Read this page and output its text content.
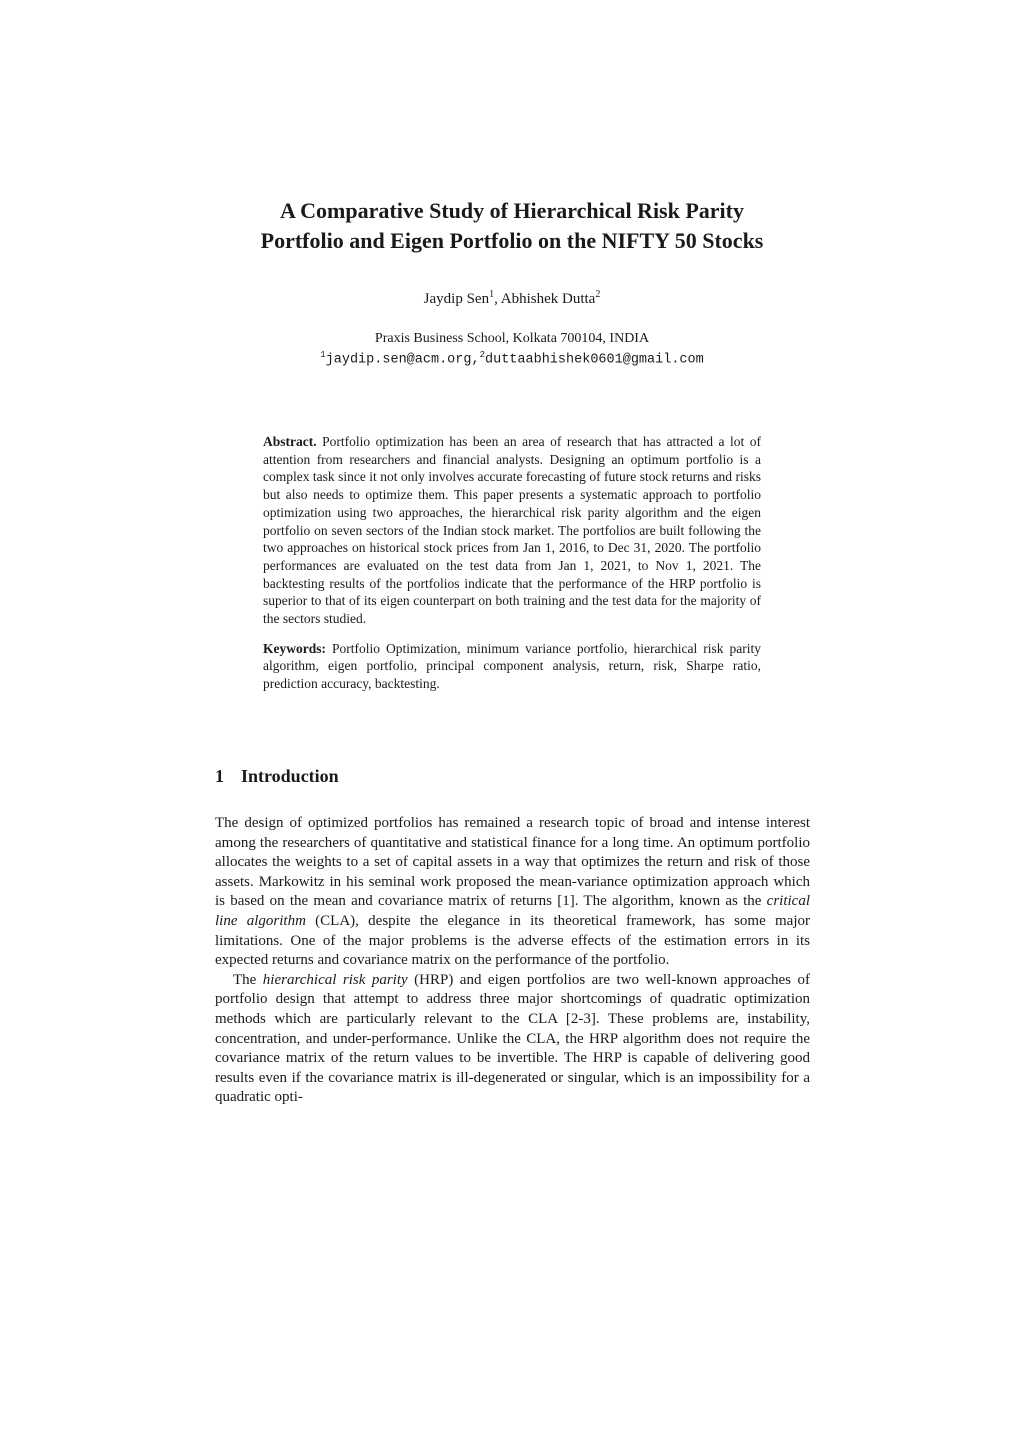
A Comparative Study of Hierarchical Risk Parity
Portfolio and Eigen Portfolio on the NIFTY 50 Stocks
Jaydip Sen$^1$, Abhishek Dutta$^2$
Praxis Business School, Kolkata 700104, INDIA
$^1$jaydip.sen@acm.org,$^2$duttaabhishek0601@gmail.com

Abstract. Portfolio optimization has been an area of research that has attracted a lot of attention from researchers and financial analysts. Designing an optimum portfolio is a complex task since it not only involves accurate forecasting of future stock returns and risks but also needs to optimize them. This paper presents a systematic approach to portfolio optimization using two approaches, the hierarchical risk parity algorithm and the eigen portfolio on seven sectors of the Indian stock market. The portfolios are built following the two approaches on historical stock prices from Jan 1, 2016, to Dec 31, 2020. The portfolio performances are evaluated on the test data from Jan 1, 2021, to Nov 1, 2021. The backtesting results of the portfolios indicate that the performance of the HRP portfolio is superior to that of its eigen counterpart on both training and the test data for the majority of the sectors studied.

Keywords: Portfolio Optimization, minimum variance portfolio, hierarchical risk parity algorithm, eigen portfolio, principal component analysis, return, risk, Sharpe ratio, prediction accuracy, backtesting.

1 Introduction

The design of optimized portfolios has remained a research topic of broad and intense interest among the researchers of quantitative and statistical finance for a long time. An optimum portfolio allocates the weights to a set of capital assets in a way that optimizes the return and risk of those assets. Markowitz in his seminal work proposed the mean-variance optimization approach which is based on the mean and covariance matrix of returns [1]. The algorithm, known as the critical line algorithm (CLA), despite the elegance in its theoretical framework, has some major limitations. One of the major problems is the adverse effects of the estimation errors in its expected returns and covariance matrix on the performance of the portfolio.

The hierarchical risk parity (HRP) and eigen portfolios are two well-known approaches of portfolio design that attempt to address three major shortcomings of quadratic optimization methods which are particularly relevant to the CLA [2-3]. These problems are, instability, concentration, and under-performance. Unlike the CLA, the HRP algorithm does not require the covariance matrix of the return values to be invertible. The HRP is capable of delivering good results even if the covariance matrix is ill-degenerated or singular, which is an impossibility for a quadratic opti-
